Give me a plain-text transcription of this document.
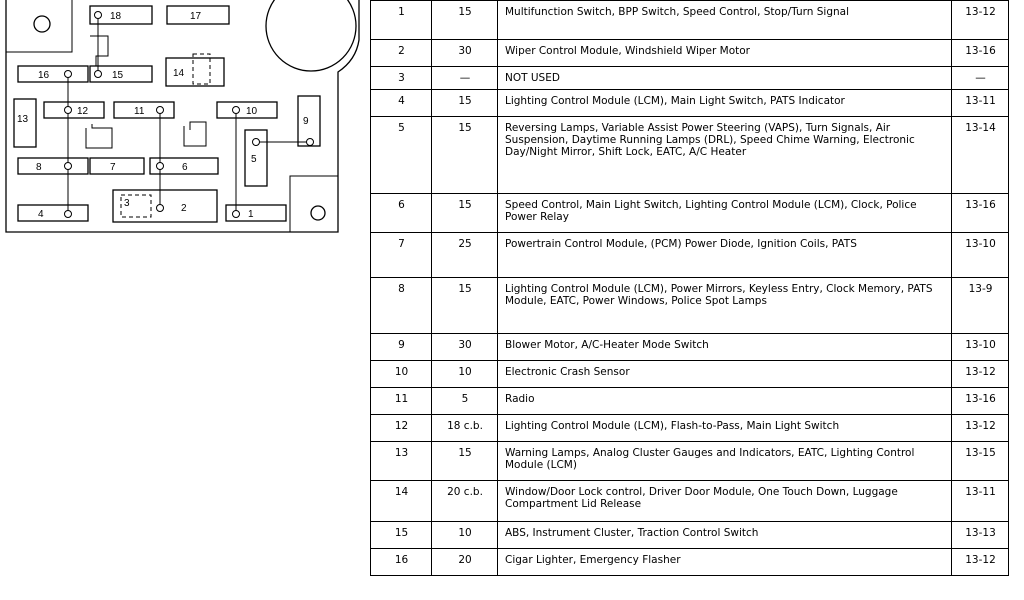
18	17
16	15	14
13
12	11	10
9
8	7	6
5
4
3	2
1

1	15	Multifunction Switch, BPP Switch, Speed Control, Stop/Turn Signal	13-12
2	30	Wiper Control Module, Windshield Wiper Motor	13-16
3	—	NOT USED	—
4	15	Lighting Control Module (LCM), Main Light Switch, PATS Indicator	13-11
5	15	Reversing Lamps, Variable Assist Power Steering (VAPS), Turn Signals, Air Suspension, Daytime Running Lamps (DRL), Speed Chime Warning, Electronic Day/Night Mirror, Shift Lock, EATC, A/C Heater	13-14
6	15	Speed Control, Main Light Switch, Lighting Control Module (LCM), Clock, Police Power Relay	13-16
7	25	Powertrain Control Module, (PCM) Power Diode, Ignition Coils, PATS	13-10
8	15	Lighting Control Module (LCM), Power Mirrors, Keyless Entry, Clock Memory, PATS Module, EATC, Power Windows, Police Spot Lamps	13-9
9	30	Blower Motor, A/C-Heater Mode Switch	13-10
10	10	Electronic Crash Sensor	13-12
11	5	Radio	13-16
12	18 c.b.	Lighting Control Module (LCM), Flash-to-Pass, Main Light Switch	13-12
13	15	Warning Lamps, Analog Cluster Gauges and Indicators, EATC, Lighting Control Module (LCM)	13-15
14	20 c.b.	Window/Door Lock control, Driver Door Module, One Touch Down, Luggage Compartment Lid Release	13-11
15	10	ABS, Instrument Cluster, Traction Control Switch	13-13
16	20	Cigar Lighter, Emergency Flasher	13-12
